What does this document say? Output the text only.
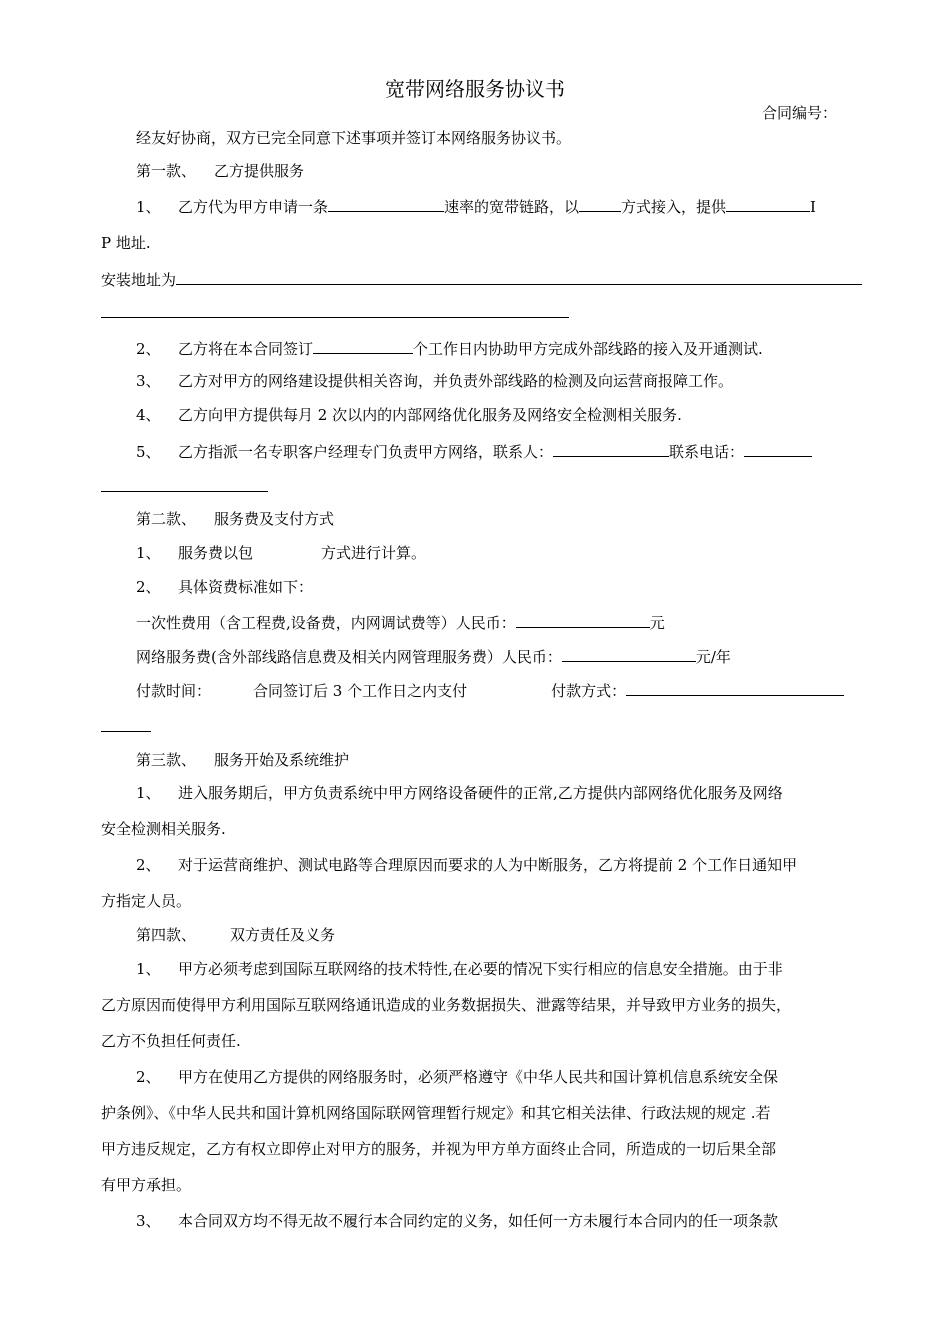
宽带网络服务协议书
合同编号：
经友好协商，双方已完全同意下述事项并签订本网络服务协议书。
第一款、 乙方提供服务
1、 乙方代为甲方申请一条	速率的宽带链路，以	方式接入，提供	I
P 地址.
安装地址为
2、 乙方将在本合同签订	个工作日内协助甲方完成外部线路的接入及开通测试.
3、 乙方对甲方的网络建设提供相关咨询，并负责外部线路的检测及向运营商报障工作。
4、 乙方向甲方提供每月 2 次以内的内部网络优化服务及网络安全检测相关服务.
5、 乙方指派一名专职客户经理专门负责甲方网络，联系人：	联系电话：
第二款、 服务费及支付方式
1、 服务费以包	方式进行计算。
2、 具体资费标准如下：
一次性费用（含工程费,设备费，内网调试费等）人民币：	元
网络服务费(含外部线路信息费及相关内网管理服务费）人民币：	元/年
付款时间：	合同签订后 3 个工作日之内支付	付款方式：
第三款、 服务开始及系统维护
1、 进入服务期后，甲方负责系统中甲方网络设备硬件的正常,乙方提供内部网络优化服务及网络
安全检测相关服务.
2、 对于运营商维护、测试电路等合理原因而要求的人为中断服务，乙方将提前 2 个工作日通知甲
方指定人员。
第四款、 双方责任及义务
1、 甲方必须考虑到国际互联网络的技术特性,在必要的情况下实行相应的信息安全措施。由于非
乙方原因而使得甲方利用国际互联网络通讯造成的业务数据损失、泄露等结果，并导致甲方业务的损失，
乙方不负担任何责任.
2、 甲方在使用乙方提供的网络服务时，必须严格遵守《中华人民共和国计算机信息系统安全保
护条例》、《中华人民共和国计算机网络国际联网管理暂行规定》和其它相关法律、行政法规的规定 .若
甲方违反规定，乙方有权立即停止对甲方的服务，并视为甲方单方面终止合同，所造成的一切后果全部
有甲方承担。
3、 本合同双方均不得无故不履行本合同约定的义务，如任何一方未履行本合同内的任一项条款
